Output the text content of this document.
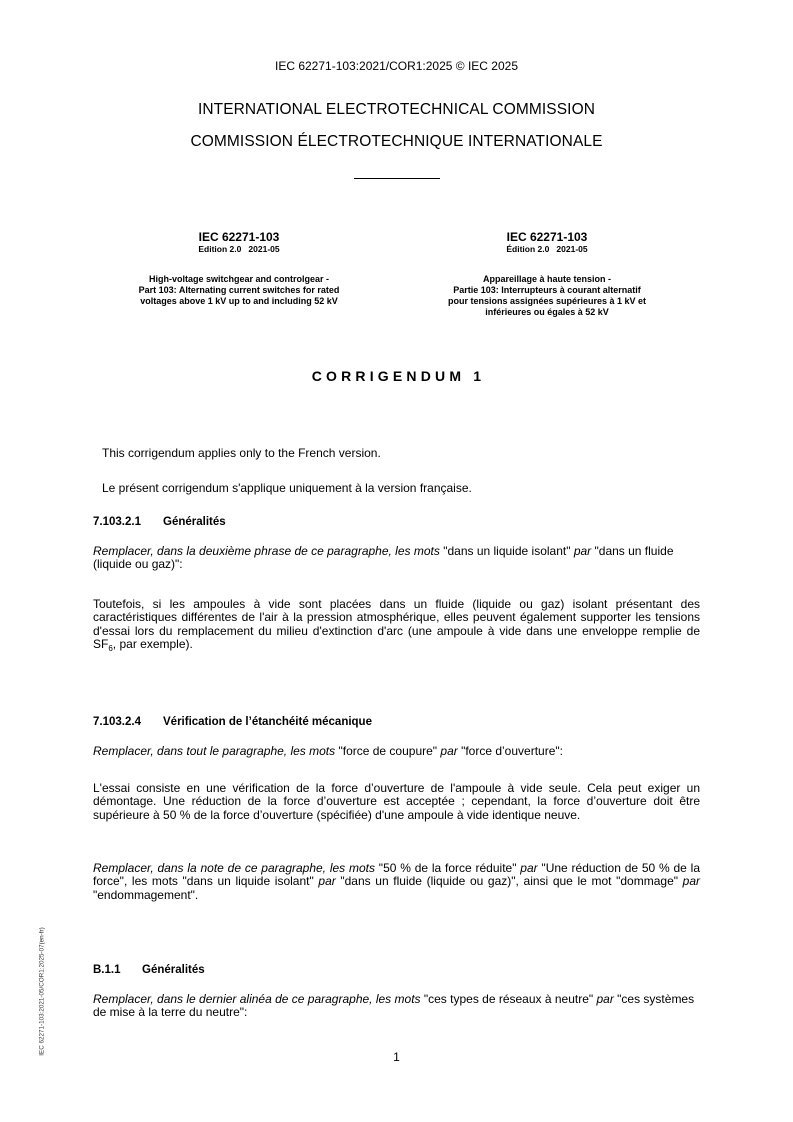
IEC 62271-103:2021/COR1:2025 © IEC 2025
INTERNATIONAL ELECTROTECHNICAL COMMISSION
COMMISSION ÉLECTROTECHNIQUE INTERNATIONALE
IEC 62271-103
Edition 2.0   2021-05
High-voltage switchgear and controlgear -
Part 103: Alternating current switches for rated
voltages above 1 kV up to and including 52 kV
IEC 62271-103
Édition 2.0   2021-05
Appareillage à haute tension -
Partie 103: Interrupteurs à courant alternatif
pour tensions assignées supérieures à 1 kV et
inférieures ou égales à 52 kV
CORRIGENDUM 1
This corrigendum applies only to the French version.
Le présent corrigendum s'applique uniquement à la version française.
7.103.2.1 Généralités
Remplacer, dans la deuxième phrase de ce paragraphe, les mots "dans un liquide isolant" par "dans un fluide (liquide ou gaz)":
Toutefois, si les ampoules à vide sont placées dans un fluide (liquide ou gaz) isolant présentant des caractéristiques différentes de l'air à la pression atmosphérique, elles peuvent également supporter les tensions d'essai lors du remplacement du milieu d'extinction d'arc (une ampoule à vide dans une enveloppe remplie de $SF_6$, par exemple).
7.103.2.4 Vérification de l’étanchéité mécanique
Remplacer, dans tout le paragraphe, les mots "force de coupure" par "force d’ouverture":
L'essai consiste en une vérification de la force d’ouverture de l'ampoule à vide seule. Cela peut exiger un démontage. Une réduction de la force d’ouverture est acceptée ; cependant, la force d’ouverture doit être supérieure à 50 % de la force d’ouverture (spécifiée) d'une ampoule à vide identique neuve.
Remplacer, dans la note de ce paragraphe, les mots "50 % de la force réduite" par "Une réduction de 50 % de la force", les mots "dans un liquide isolant" par "dans un fluide (liquide ou gaz)", ainsi que le mot "dommage" par "endommagement".
B.1.1 Généralités
Remplacer, dans le dernier alinéa de ce paragraphe, les mots "ces types de réseaux à neutre" par "ces systèmes de mise à la terre du neutre":
IEC 62271-103:2021-05/COR1:2025-07(en-fr)
1
